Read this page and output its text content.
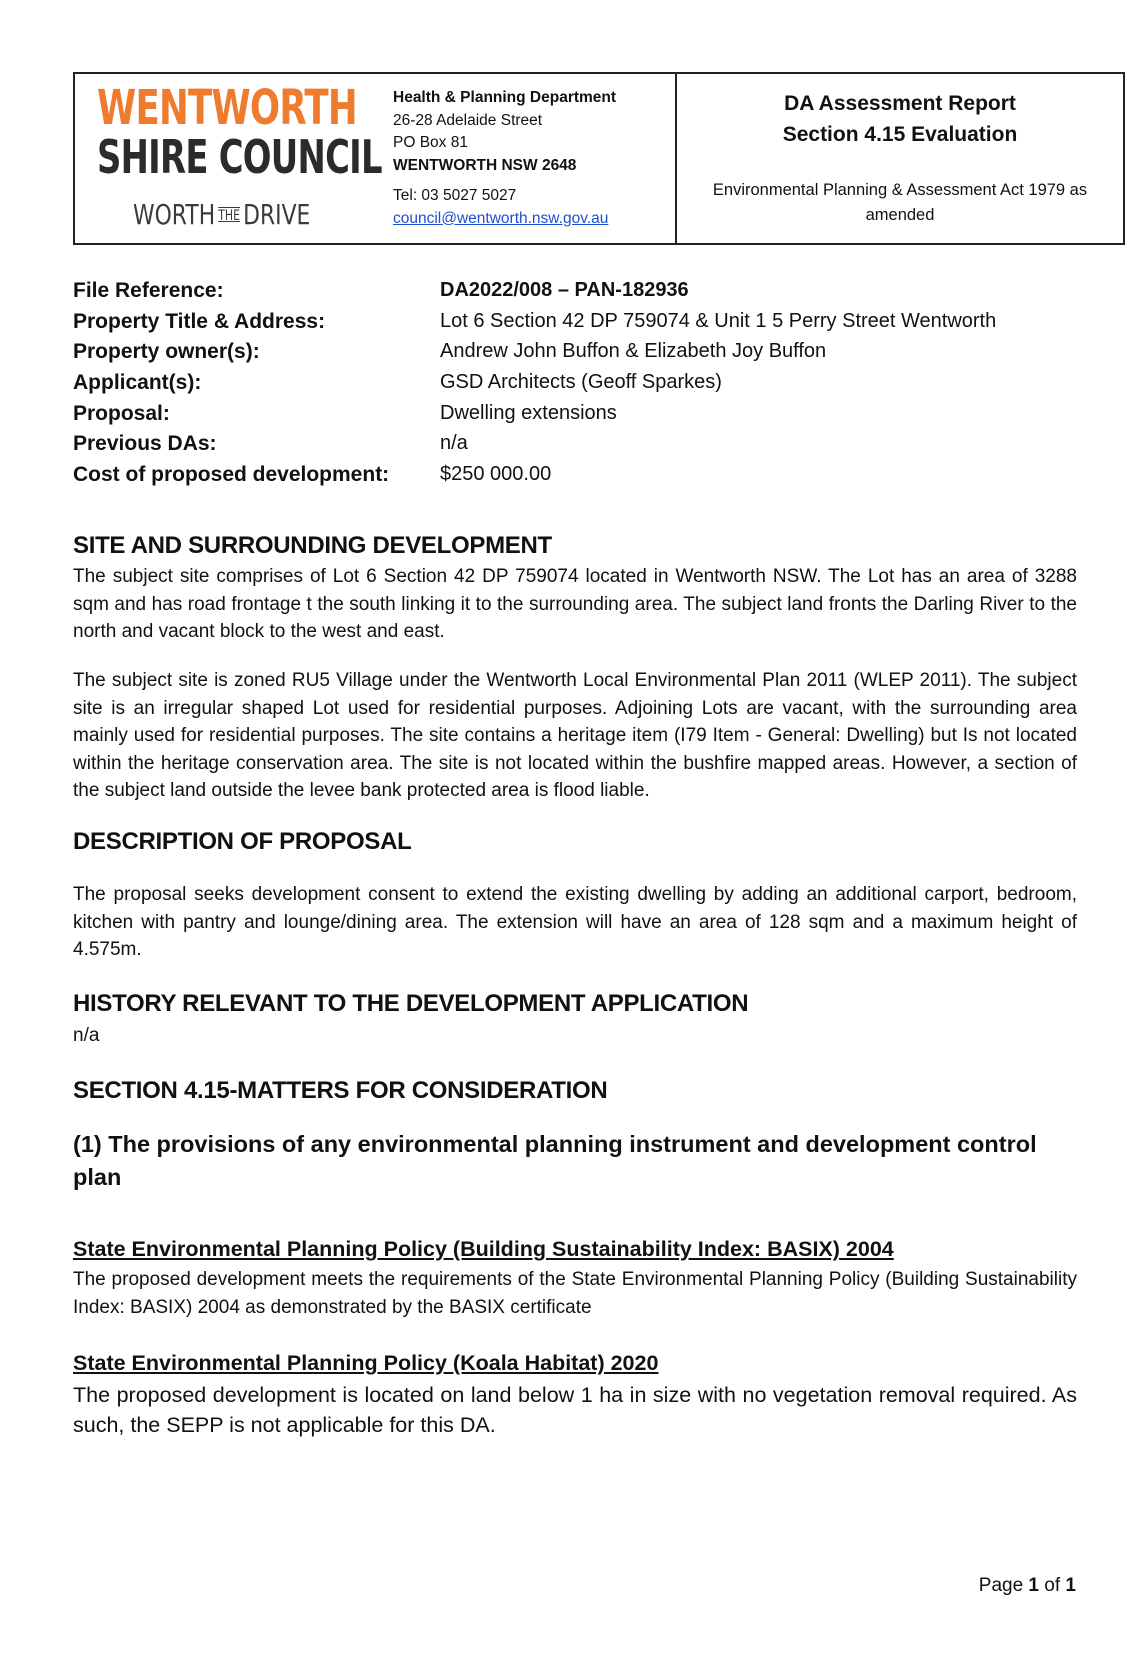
WENTWORTH
SHIRE COUNCIL
WORTH THE DRIVE
Health & Planning Department
26-28 Adelaide Street
PO Box 81
WENTWORTH NSW 2648
Tel: 03 5027 5027
council@wentworth.nsw.gov.au
DA Assessment Report
Section 4.15 Evaluation
Environmental Planning & Assessment Act 1979 as amended
File Reference:	DA2022/008 – PAN-182936
Property Title & Address:	Lot 6 Section 42 DP 759074 & Unit 1 5 Perry Street Wentworth
Property owner(s):	Andrew John Buffon & Elizabeth Joy Buffon
Applicant(s):	GSD Architects (Geoff Sparkes)
Proposal:	Dwelling extensions
Previous DAs:	n/a
Cost of proposed development:	$250 000.00
SITE AND SURROUNDING DEVELOPMENT

The subject site comprises of Lot 6 Section 42 DP 759074 located in Wentworth NSW. The Lot has an area of 3288 sqm and has road frontage t the south linking it to the surrounding area. The subject land fronts the Darling River to the north and vacant block to the west and east.

The subject site is zoned RU5 Village under the Wentworth Local Environmental Plan 2011 (WLEP 2011). The subject site is an irregular shaped Lot used for residential purposes. Adjoining Lots are vacant, with the surrounding area mainly used for residential purposes. The site contains a heritage item (I79 Item - General: Dwelling) but Is not located within the heritage conservation area. The site is not located within the bushfire mapped areas. However, a section of the subject land outside the levee bank protected area is flood liable.

DESCRIPTION OF PROPOSAL

The proposal seeks development consent to extend the existing dwelling by adding an additional carport, bedroom, kitchen with pantry and lounge/dining area. The extension will have an area of 128 sqm and a maximum height of 4.575m.

HISTORY RELEVANT TO THE DEVELOPMENT APPLICATION

n/a

SECTION 4.15-MATTERS FOR CONSIDERATION
(1) The provisions of any environmental planning instrument and development control plan
State Environmental Planning Policy (Building Sustainability Index: BASIX) 2004

The proposed development meets the requirements of the State Environmental Planning Policy (Building Sustainability Index: BASIX) 2004 as demonstrated by the BASIX certificate

State Environmental Planning Policy (Koala Habitat) 2020

The proposed development is located on land below 1 ha in size with no vegetation removal required. As such, the SEPP is not applicable for this DA.

Page 1 of 1
